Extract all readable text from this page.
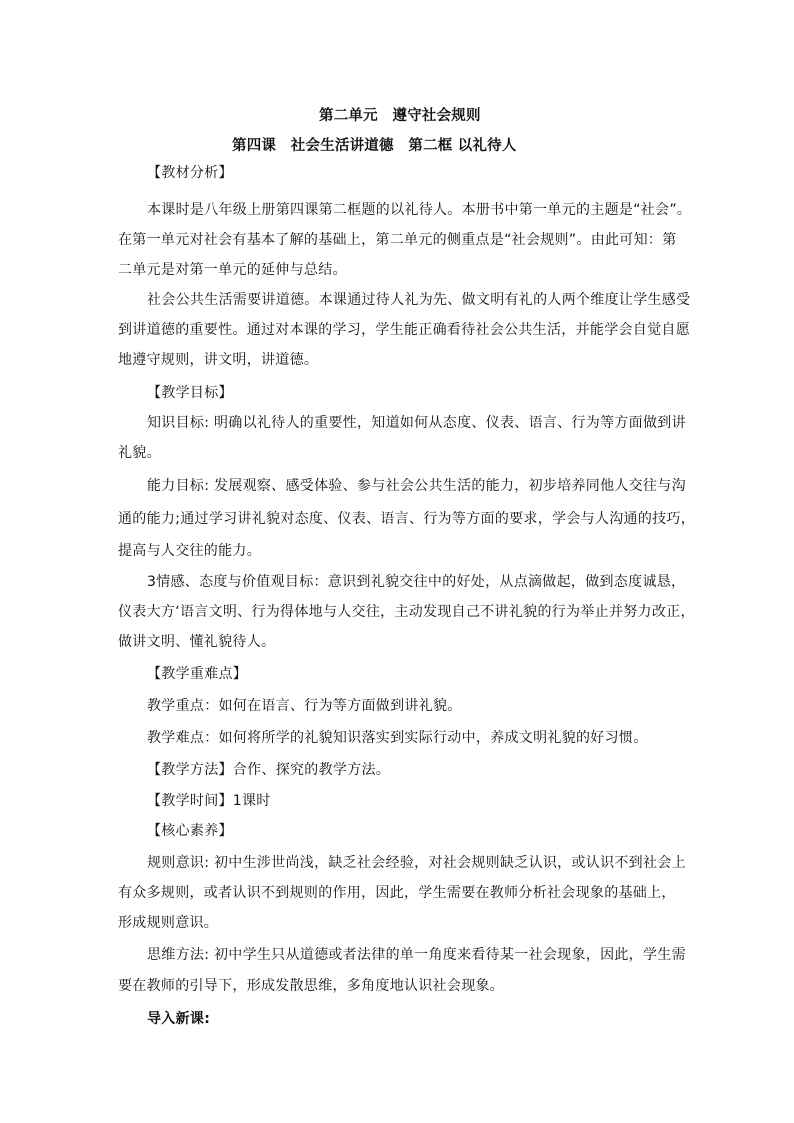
第二单元　遵守社会规则
第四课　社会生活讲道德　第二框 以礼待人
【教材分析】
本课时是八年级上册第四课第二框题的以礼待人。本册书中第一单元的主题是“社会”。
在第一单元对社会有基本了解的基础上，第二单元的侧重点是“社会规则”。由此可知：第
二单元是对第一单元的延伸与总结。
社会公共生活需要讲道德。本课通过待人礼为先、做文明有礼的人两个维度让学生感受
到讲道德的重要性。通过对本课的学习，学生能正确看待社会公共生活，并能学会自觉自愿
地遵守规则，讲文明，讲道德。
【教学目标】
知识目标: 明确以礼待人的重要性，知道如何从态度、仪表、语言、行为等方面做到讲
礼貌。
能力目标: 发展观察、感受体验、参与社会公共生活的能力，初步培养同他人交往与沟
通的能力;通过学习讲礼貌对态度、仪表、语言、行为等方面的要求，学会与人沟通的技巧，
提高与人交往的能力。
3情感、态度与价值观目标：意识到礼貌交往中的好处，从点滴做起，做到态度诚恳，
仪表大方‘语言文明、行为得体地与人交往，主动发现自己不讲礼貌的行为举止并努力改正，
做讲文明、懂礼貌待人。
【教学重难点】
教学重点：如何在语言、行为等方面做到讲礼貌。
教学难点：如何将所学的礼貌知识落实到实际行动中，养成文明礼貌的好习惯。
【教学方法】合作、探究的教学方法。
【教学时间】1课时
【核心素养】
规则意识: 初中生涉世尚浅，缺乏社会经验，对社会规则缺乏认识，或认识不到社会上
有众多规则，或者认识不到规则的作用，因此，学生需要在教师分析社会现象的基础上，
形成规则意识。
思维方法: 初中学生只从道德或者法律的单一角度来看待某一社会现象，因此，学生需
要在教师的引导下，形成发散思维，多角度地认识社会现象。
导入新课:
